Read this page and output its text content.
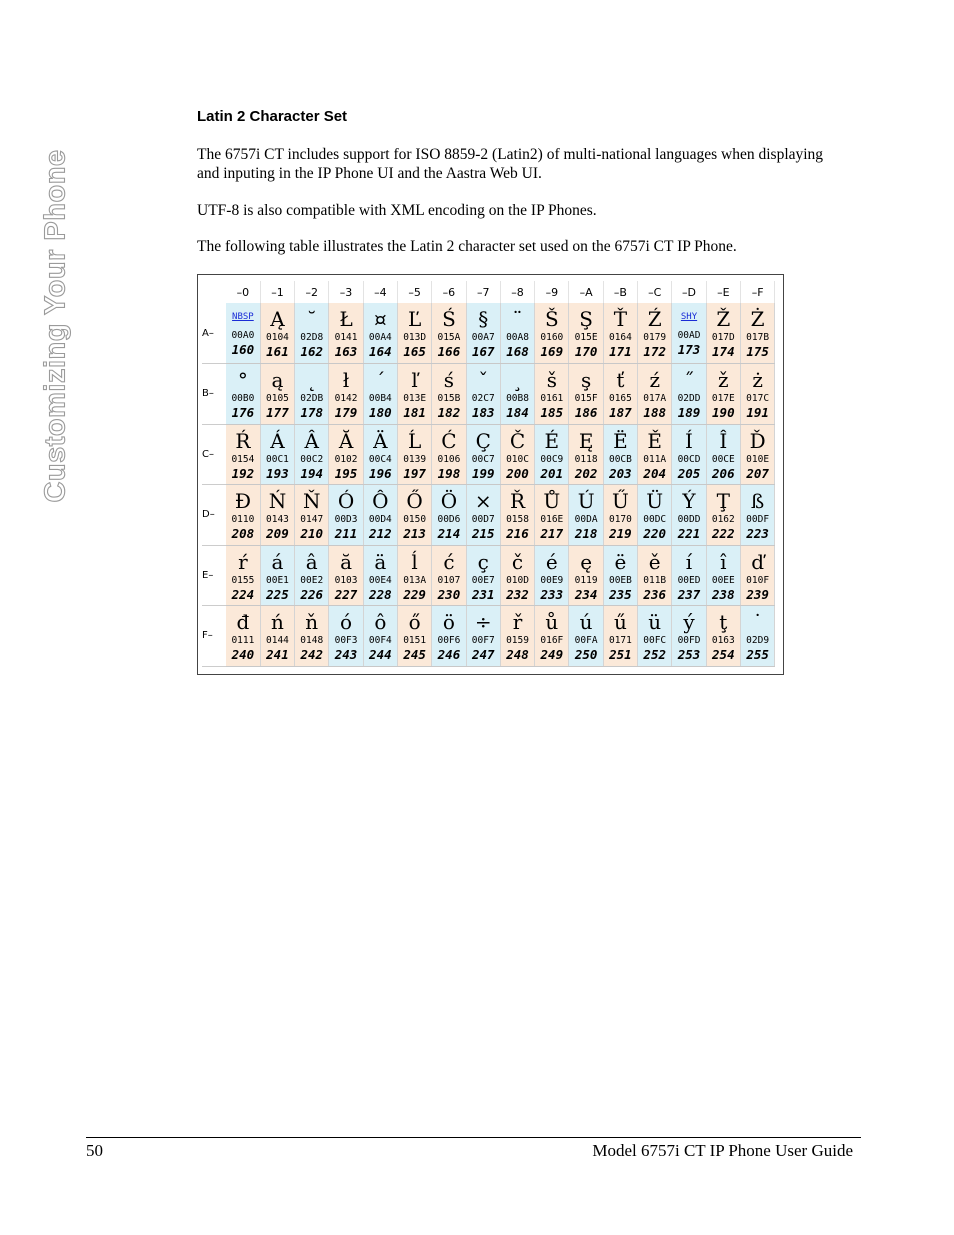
Customizing Your Phone
Latin 2 Character Set

The 6757i CT includes support for ISO 8859-2 (Latin2) of multi-national languages when displaying and inputing in the IP Phone UI and the Aastra Web UI.

UTF-8 is also compatible with XML encoding on the IP Phones.

The following table illustrates the Latin 2 character set used on the 6757i CT IP Phone.

	–0	–1	–2	–3	–4	–5	–6	–7	–8	–9	–A	–B	–C	–D	–E	–F
A–	NBSP
00A0
160	Ą
0104
161	˘
02D8
162	Ł
0141
163	¤
00A4
164	Ľ
013D
165	Ś
015A
166	§
00A7
167	¨
00A8
168	Š
0160
169	Ş
015E
170	Ť
0164
171	Ź
0179
172	SHY
00AD
173	Ž
017D
174	Ż
017B
175

B–	°
00B0
176	ą
0105
177	˛
02DB
178	ł
0142
179	´
00B4
180	ľ
013E
181	ś
015B
182	ˇ
02C7
183	¸
00B8
184	š
0161
185	ş
015F
186	ť
0165
187	ź
017A
188	˝
02DD
189	ž
017E
190	ż
017C
191

C–	Ŕ
0154
192	Á
00C1
193	Â
00C2
194	Ă
0102
195	Ä
00C4
196	Ĺ
0139
197	Ć
0106
198	Ç
00C7
199	Č
010C
200	É
00C9
201	Ę
0118
202	Ë
00CB
203	Ě
011A
204	Í
00CD
205	Î
00CE
206	Ď
010E
207

D–	Đ
0110
208	Ń
0143
209	Ň
0147
210	Ó
00D3
211	Ô
00D4
212	Ő
0150
213	Ö
00D6
214	×
00D7
215	Ř
0158
216	Ů
016E
217	Ú
00DA
218	Ű
0170
219	Ü
00DC
220	Ý
00DD
221	Ţ
0162
222	ß
00DF
223

E–	ŕ
0155
224	á
00E1
225	â
00E2
226	ă
0103
227	ä
00E4
228	ĺ
013A
229	ć
0107
230	ç
00E7
231	č
010D
232	é
00E9
233	ę
0119
234	ë
00EB
235	ě
011B
236	í
00ED
237	î
00EE
238	ď
010F
239

F–	đ
0111
240	ń
0144
241	ň
0148
242	ó
00F3
243	ô
00F4
244	ő
0151
245	ö
00F6
246	÷
00F7
247	ř
0159
248	ů
016F
249	ú
00FA
250	ű
0171
251	ü
00FC
252	ý
00FD
253	ţ
0163
254	˙
02D9
255
50	Model 6757i CT IP Phone User Guide
